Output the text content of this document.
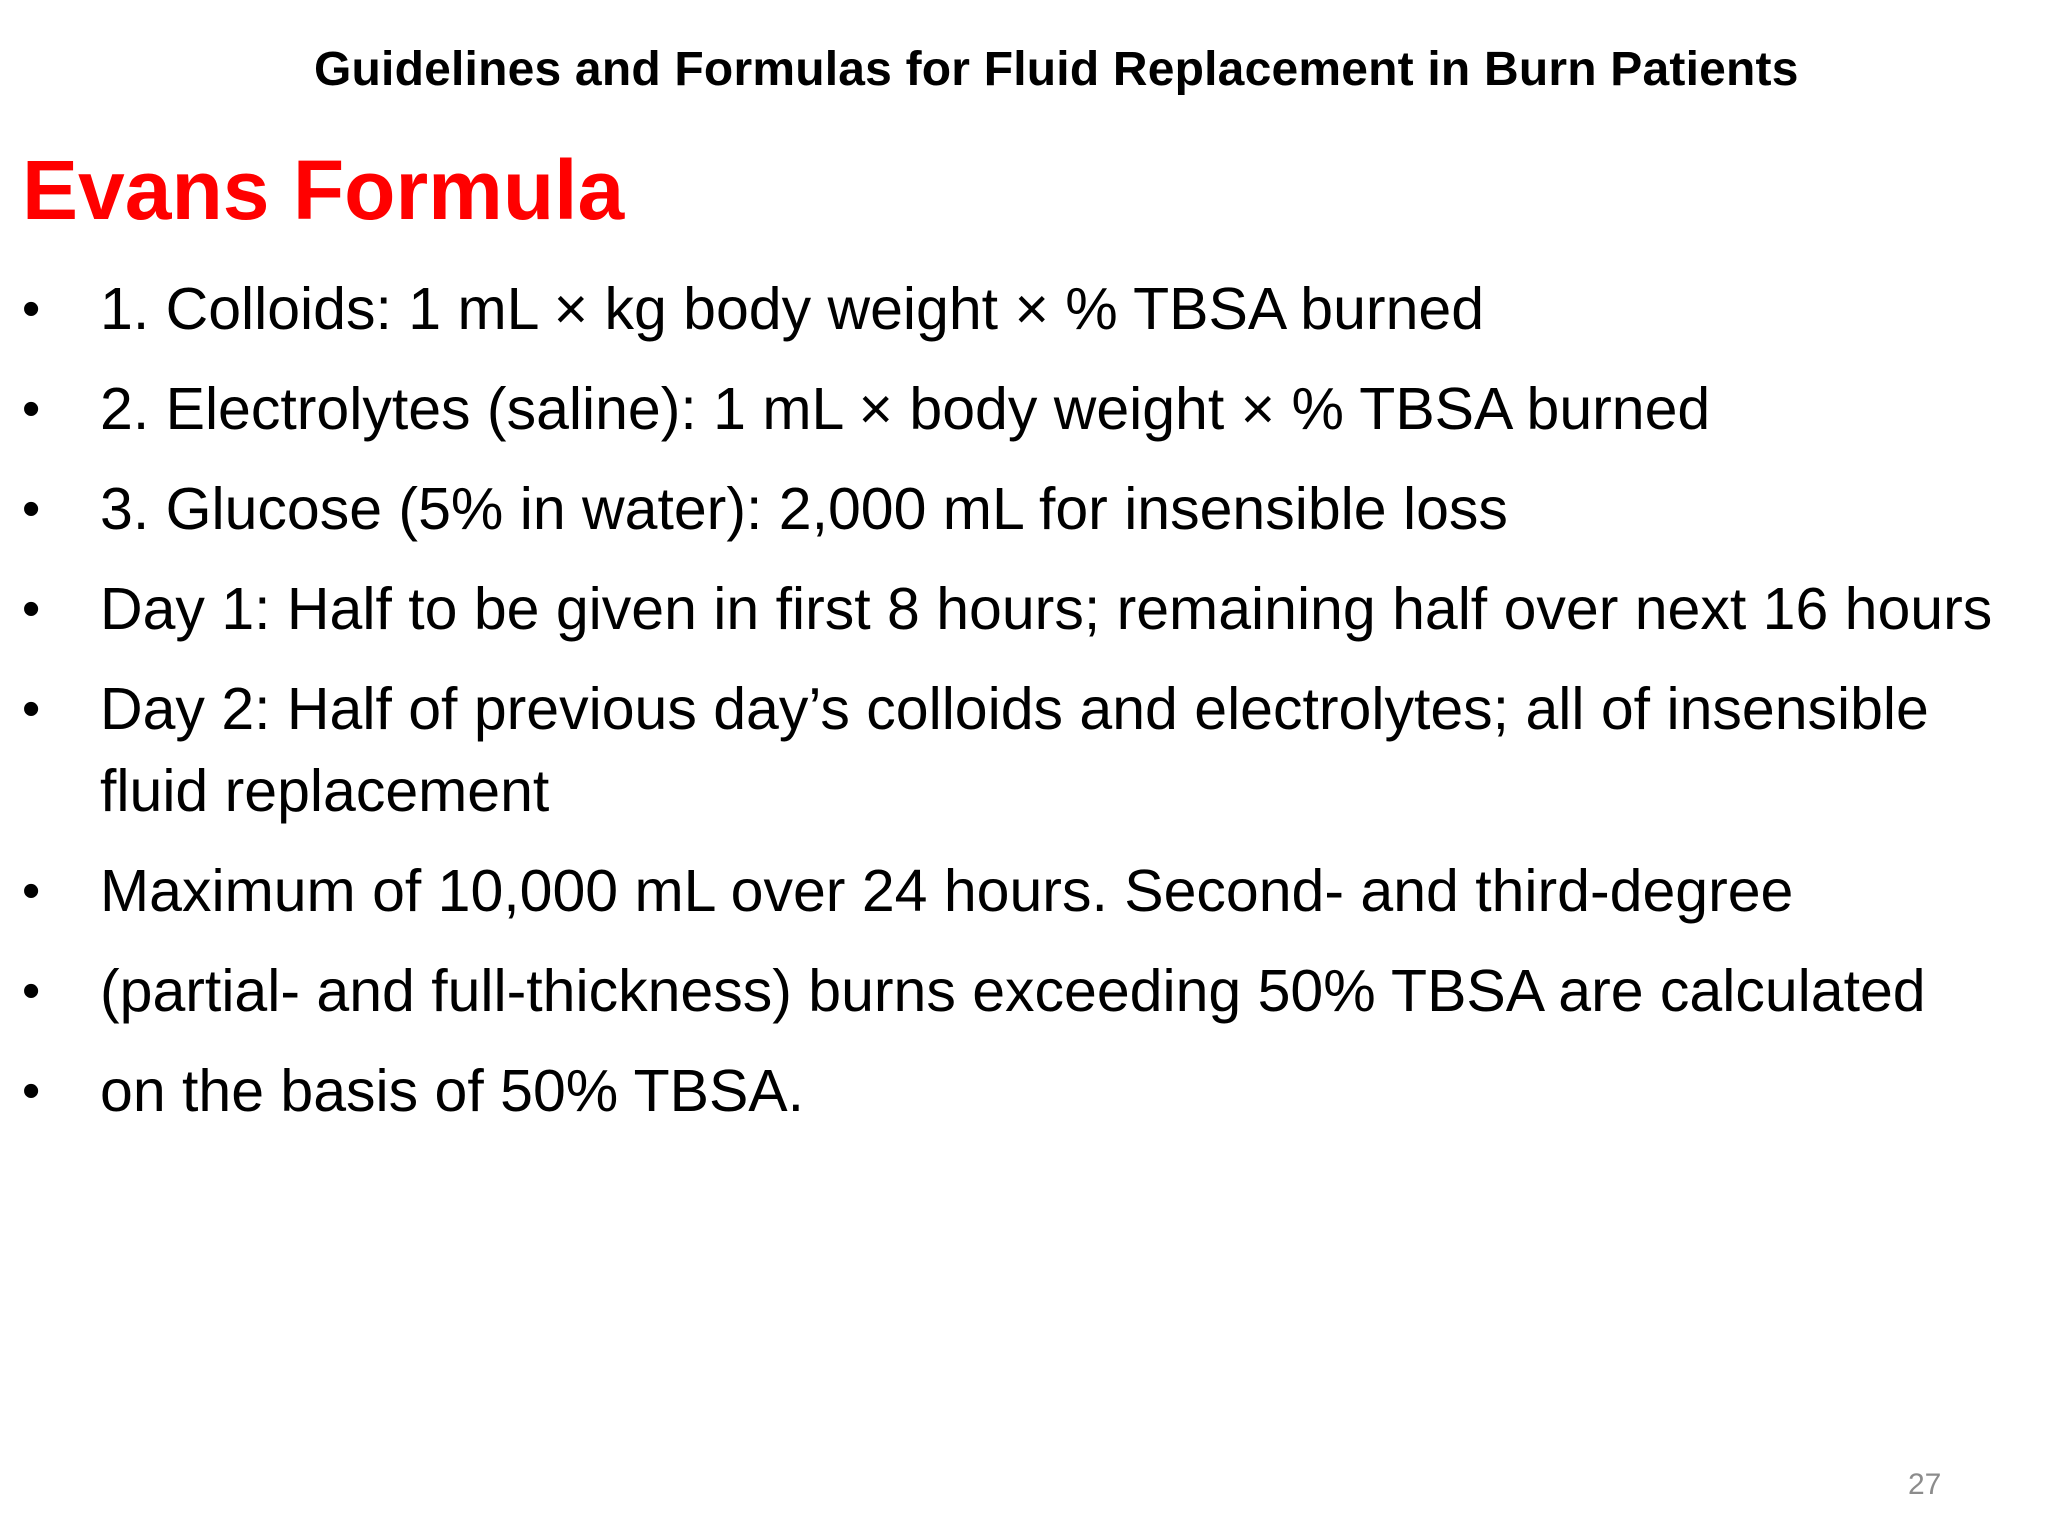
Guidelines and Formulas for Fluid Replacement in Burn Patients
Evans Formula
• 1. Colloids: 1 mL × kg body weight × % TBSA burned
• 2. Electrolytes (saline): 1 mL × body weight × % TBSA burned
• 3. Glucose (5% in water): 2,000 mL for insensible loss
• Day 1: Half to be given in first 8 hours; remaining half over next 16 hours
• Day 2: Half of previous day’s colloids and electrolytes; all of insensible fluid replacement
• Maximum of 10,000 mL over 24 hours. Second- and third-degree
• (partial- and full-thickness) burns exceeding 50% TBSA are calculated
• on the basis of 50% TBSA.
27
